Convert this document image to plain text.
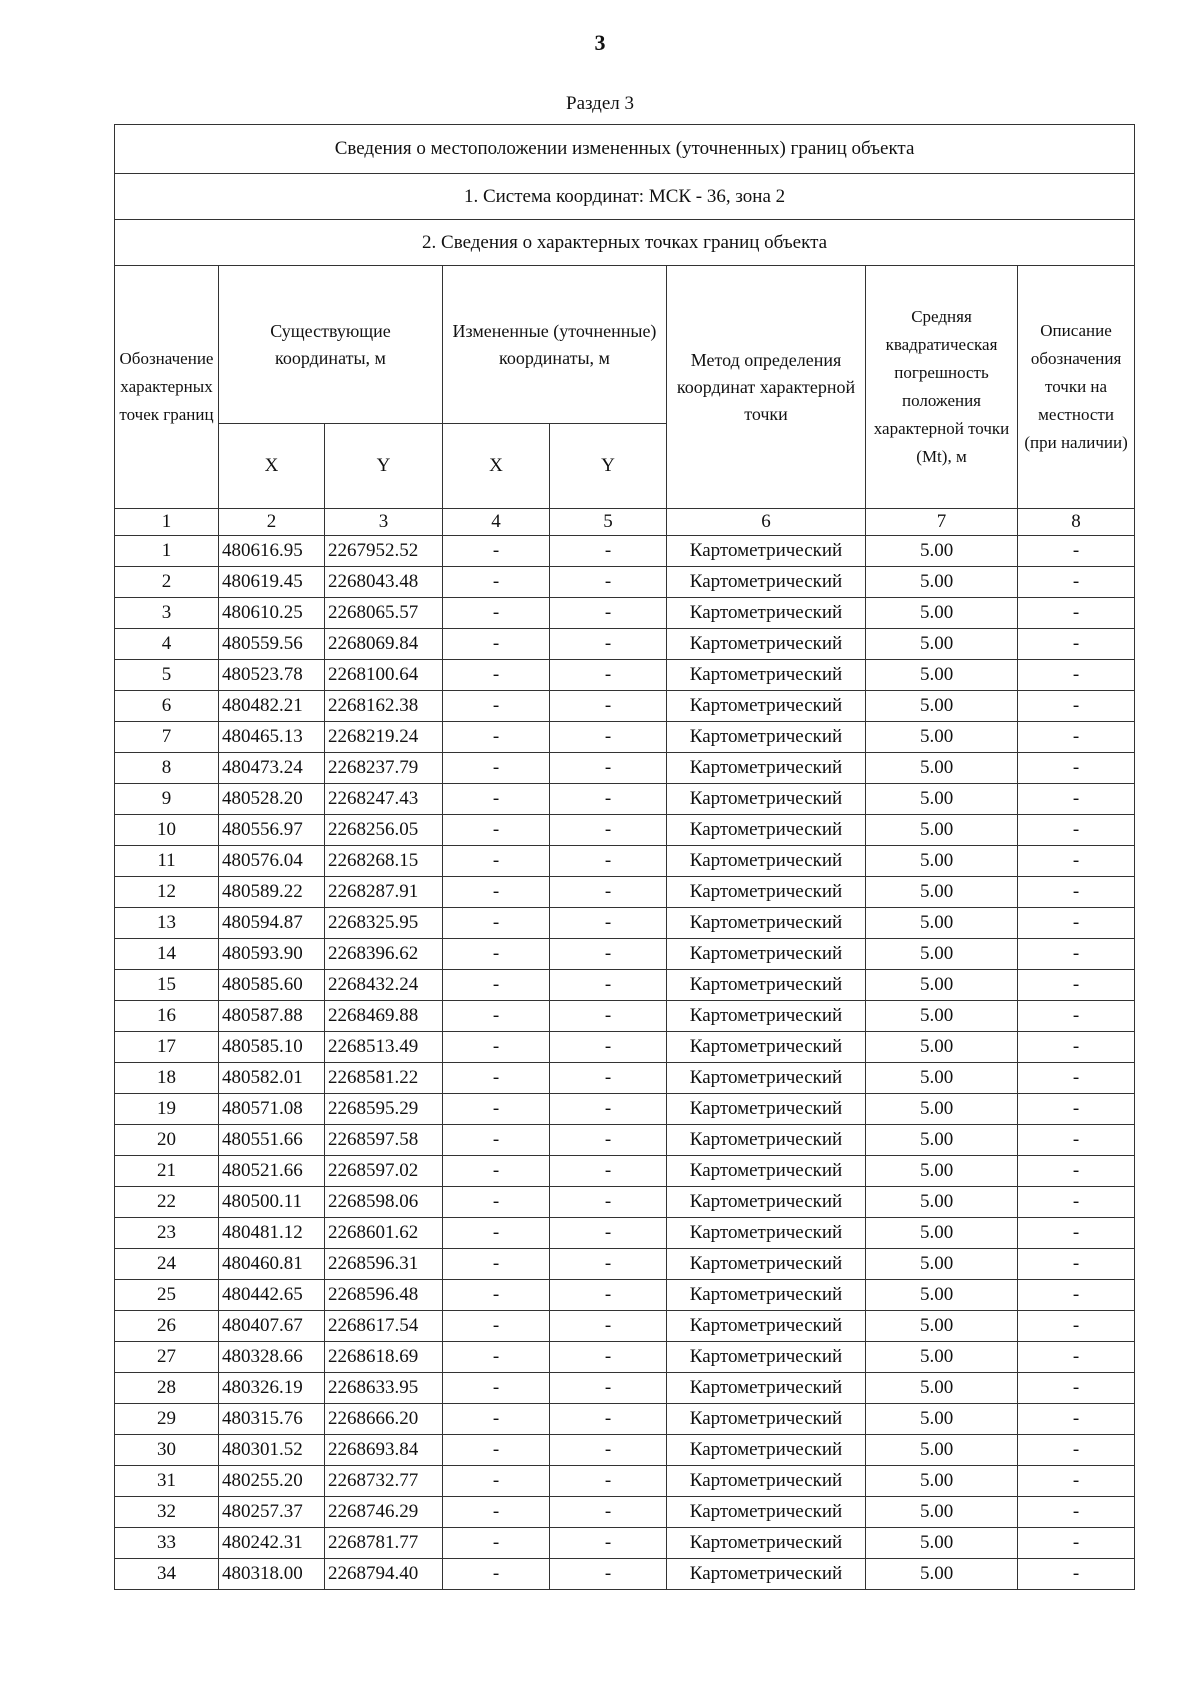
3
Раздел 3
Сведения о местоположении измененных (уточненных) границ объекта							
1. Система координат: МСК - 36, зона 2							
2. Сведения о характерных точках границ объекта							
Обозначение характерных точек границ	Существующие координаты, м		Измененные (уточненные) координаты, м		Метод определения координат характерной точки	Средняя квадратическая погрешность положения характерной точки (Mt), м	Описание обозначения точки на местности (при наличии)
	X	Y	X	Y			
1	2	3	4	5	6	7	8
1	480616.95	2267952.52	-	-	Картометрический	5.00	-
2	480619.45	2268043.48	-	-	Картометрический	5.00	-
3	480610.25	2268065.57	-	-	Картометрический	5.00	-
4	480559.56	2268069.84	-	-	Картометрический	5.00	-
5	480523.78	2268100.64	-	-	Картометрический	5.00	-
6	480482.21	2268162.38	-	-	Картометрический	5.00	-
7	480465.13	2268219.24	-	-	Картометрический	5.00	-
8	480473.24	2268237.79	-	-	Картометрический	5.00	-
9	480528.20	2268247.43	-	-	Картометрический	5.00	-
10	480556.97	2268256.05	-	-	Картометрический	5.00	-
11	480576.04	2268268.15	-	-	Картометрический	5.00	-
12	480589.22	2268287.91	-	-	Картометрический	5.00	-
13	480594.87	2268325.95	-	-	Картометрический	5.00	-
14	480593.90	2268396.62	-	-	Картометрический	5.00	-
15	480585.60	2268432.24	-	-	Картометрический	5.00	-
16	480587.88	2268469.88	-	-	Картометрический	5.00	-
17	480585.10	2268513.49	-	-	Картометрический	5.00	-
18	480582.01	2268581.22	-	-	Картометрический	5.00	-
19	480571.08	2268595.29	-	-	Картометрический	5.00	-
20	480551.66	2268597.58	-	-	Картометрический	5.00	-
21	480521.66	2268597.02	-	-	Картометрический	5.00	-
22	480500.11	2268598.06	-	-	Картометрический	5.00	-
23	480481.12	2268601.62	-	-	Картометрический	5.00	-
24	480460.81	2268596.31	-	-	Картометрический	5.00	-
25	480442.65	2268596.48	-	-	Картометрический	5.00	-
26	480407.67	2268617.54	-	-	Картометрический	5.00	-
27	480328.66	2268618.69	-	-	Картометрический	5.00	-
28	480326.19	2268633.95	-	-	Картометрический	5.00	-
29	480315.76	2268666.20	-	-	Картометрический	5.00	-
30	480301.52	2268693.84	-	-	Картометрический	5.00	-
31	480255.20	2268732.77	-	-	Картометрический	5.00	-
32	480257.37	2268746.29	-	-	Картометрический	5.00	-
33	480242.31	2268781.77	-	-	Картометрический	5.00	-
34	480318.00	2268794.40	-	-	Картометрический	5.00	-
